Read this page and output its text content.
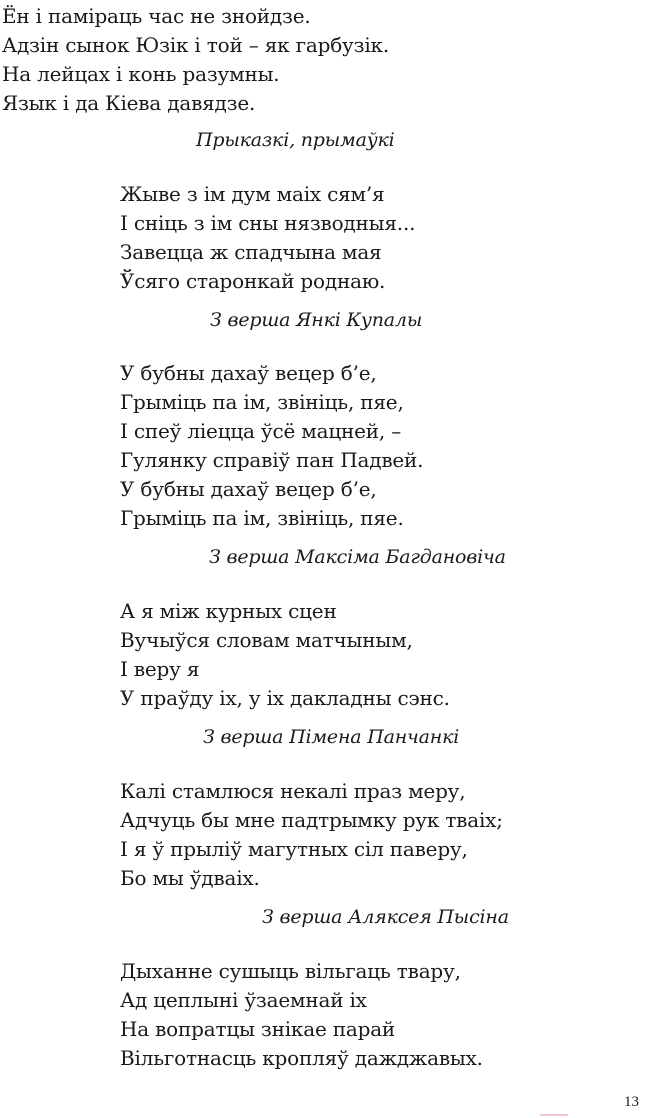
Ён і паміраць час не знойдзе.
Адзін сынок Юзік і той – як гарбузік.
На лейцах і конь разумны.
Язык і да Кіева давядзе.
Прыказкі, прымаўкі
Жыве з ім дум маіх сям’я
І сніць з ім сны нязводныя...
Завецца ж спадчына мая
Ўсяго старонкай роднаю.
З верша Янкі Купалы
У бубны дахаў вецер б’е,
Грыміць па ім, звініць, пяе,
І спеў ліецца ўсё мацней, –
Гулянку справіў пан Падвей.
У бубны дахаў вецер б’е,
Грыміць па ім, звініць, пяе.
З верша Максіма Багдановіча
А я між курных сцен
Вучыўся словам матчыным,
І веру я
У праўду іх, у іх дакладны сэнс.
З верша Пімена Панчанкі
Калі стамлюся некалі праз меру,
Адчуць бы мне падтрымку рук тваіх;
І я ў прыліў магутных сіл паверу,
Бо мы ўдваіх.
З верша Аляксея Пысіна
Дыханне сушыць вільгаць твару,
Ад цеплыні ўзаемнай іх
На вопратцы знікае парай
Вільготнасць кропляў дажджавых.
13
